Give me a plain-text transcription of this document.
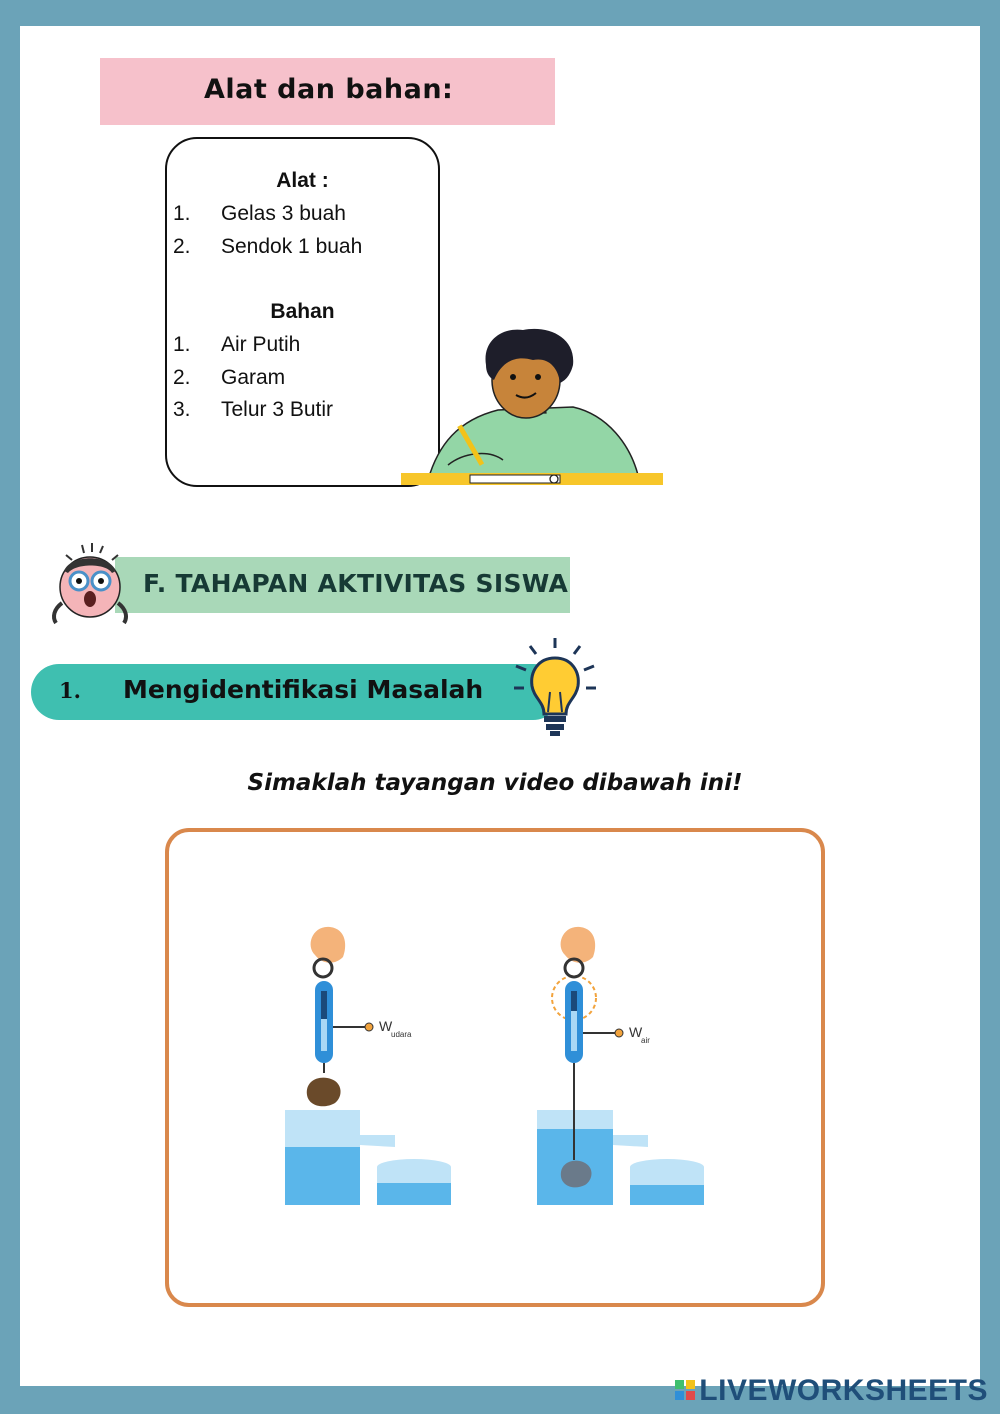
Alat dan bahan:
Alat :
1. Gelas 3 buah
2. Sendok 1 buah
Bahan
1. Air Putih
2. Garam
3. Telur 3 Butir
F. TAHAPAN AKTIVITAS SISWA
1. Mengidentifikasi Masalah
Simaklah tayangan video dibawah ini!
W
udara	W
air
LIVEWORKSHEETS
